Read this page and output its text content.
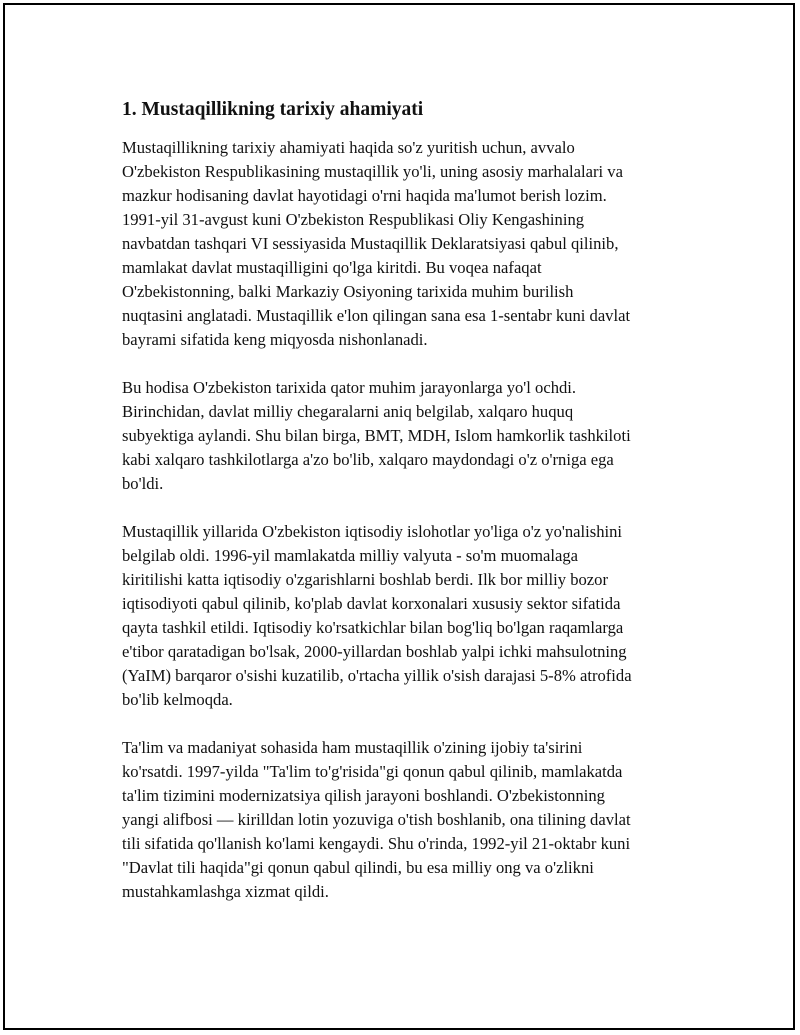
1. Mustaqillikning tarixiy ahamiyati

Mustaqillikning tarixiy ahamiyati haqida so'z yuritish uchun, avvalo
O'zbekiston Respublikasining mustaqillik yo'li, uning asosiy marhalalari va
mazkur hodisaning davlat hayotidagi o'rni haqida ma'lumot berish lozim.
1991-yil 31-avgust kuni O'zbekiston Respublikasi Oliy Kengashining
navbatdan tashqari VI sessiyasida Mustaqillik Deklaratsiyasi qabul qilinib,
mamlakat davlat mustaqilligini qo'lga kiritdi. Bu voqea nafaqat
O'zbekistonning, balki Markaziy Osiyoning tarixida muhim burilish
nuqtasini anglatadi. Mustaqillik e'lon qilingan sana esa 1-sentabr kuni davlat
bayrami sifatida keng miqyosda nishonlanadi.

Bu hodisa O'zbekiston tarixida qator muhim jarayonlarga yo'l ochdi.
Birinchidan, davlat milliy chegaralarni aniq belgilab, xalqaro huquq
subyektiga aylandi. Shu bilan birga, BMT, MDH, Islom hamkorlik tashkiloti
kabi xalqaro tashkilotlarga a'zo bo'lib, xalqaro maydondagi o'z o'rniga ega
bo'ldi.

Mustaqillik yillarida O'zbekiston iqtisodiy islohotlar yo'liga o'z yo'nalishini
belgilab oldi. 1996-yil mamlakatda milliy valyuta - so'm muomalaga
kiritilishi katta iqtisodiy o'zgarishlarni boshlab berdi. Ilk bor milliy bozor
iqtisodiyoti qabul qilinib, ko'plab davlat korxonalari xususiy sektor sifatida
qayta tashkil etildi. Iqtisodiy ko'rsatkichlar bilan bog'liq bo'lgan raqamlarga
e'tibor qaratadigan bo'lsak, 2000-yillardan boshlab yalpi ichki mahsulotning
(YaIM) barqaror o'sishi kuzatilib, o'rtacha yillik o'sish darajasi 5-8% atrofida
bo'lib kelmoqda.

Ta'lim va madaniyat sohasida ham mustaqillik o'zining ijobiy ta'sirini
ko'rsatdi. 1997-yilda "Ta'lim to'g'risida"gi qonun qabul qilinib, mamlakatda
ta'lim tizimini modernizatsiya qilish jarayoni boshlandi. O'zbekistonning
yangi alifbosi — kirilldan lotin yozuviga o'tish boshlanib, ona tilining davlat
tili sifatida qo'llanish ko'lami kengaydi. Shu o'rinda, 1992-yil 21-oktabr kuni
"Davlat tili haqida"gi qonun qabul qilindi, bu esa milliy ong va o'zlikni
mustahkamlashga xizmat qildi.
